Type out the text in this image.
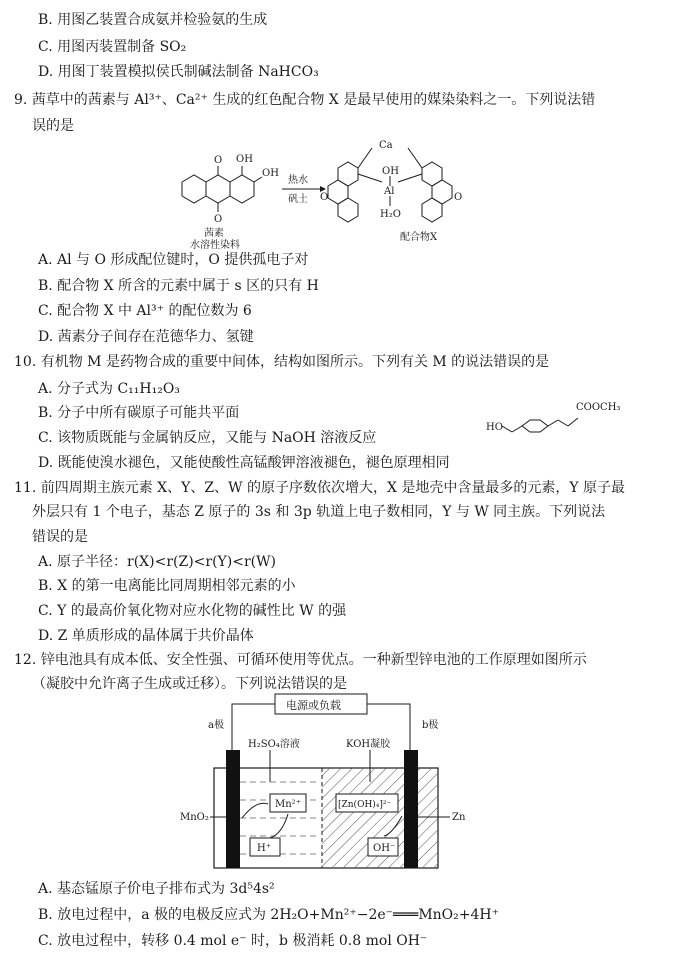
B. 用图乙装置合成氨并检验氨的生成
C. 用图丙装置制备 SO₂
D. 用图丁装置模拟侯氏制碱法制备 NaHCO₃
9. 茜草中的茜素与 Al³⁺、Ca²⁺ 生成的红色配合物 X 是最早使用的媒染染料之一。下列说法错
误的是
O
O
OH
OH
茜素
水溶性染料
热水
矾土
Ca
Al
OH
H₂O
O	O
配合物X
A. Al 与 O 形成配位键时，O 提供孤电子对
B. 配合物 X 所含的元素中属于 s 区的只有 H
C. 配合物 X 中 Al³⁺ 的配位数为 6
D. 茜素分子间存在范德华力、氢键
10. 有机物 M 是药物合成的重要中间体，结构如图所示。下列有关 M 的说法错误的是
A. 分子式为 C₁₁H₁₂O₃
B. 分子中所有碳原子可能共平面
C. 该物质既能与金属钠反应，又能与 NaOH 溶液反应
D. 既能使溴水褪色，又能使酸性高锰酸钾溶液褪色，褪色原理相同
HO
COOCH₃
11. 前四周期主族元素 X、Y、Z、W 的原子序数依次增大，X 是地壳中含量最多的元素，Y 原子最
外层只有 1 个电子，基态 Z 原子的 3s 和 3p 轨道上电子数相同，Y 与 W 同主族。下列说法
错误的是
A. 原子半径：r(X)<r(Z)<r(Y)<r(W)
B. X 的第一电离能比同周期相邻元素的小
C. Y 的最高价氧化物对应水化物的碱性比 W 的强
D. Z 单质形成的晶体属于共价晶体
12. 锌电池具有成本低、安全性强、可循环使用等优点。一种新型锌电池的工作原理如图所示
（凝胶中允许离子生成或迁移）。下列说法错误的是
电源或负载
a极	b极
H₂SO₄溶液	KOH凝胶
Mn²⁺
H⁺
[Zn(OH)₄]²⁻
OH⁻
MnO₂	Zn
A. 基态锰原子价电子排布式为 3d⁵4s²
B. 放电过程中，a 极的电极反应式为 2H₂O+Mn²⁺−2e⁻═══MnO₂+4H⁺
C. 放电过程中，转移 0.4 mol e⁻ 时，b 极消耗 0.8 mol OH⁻
